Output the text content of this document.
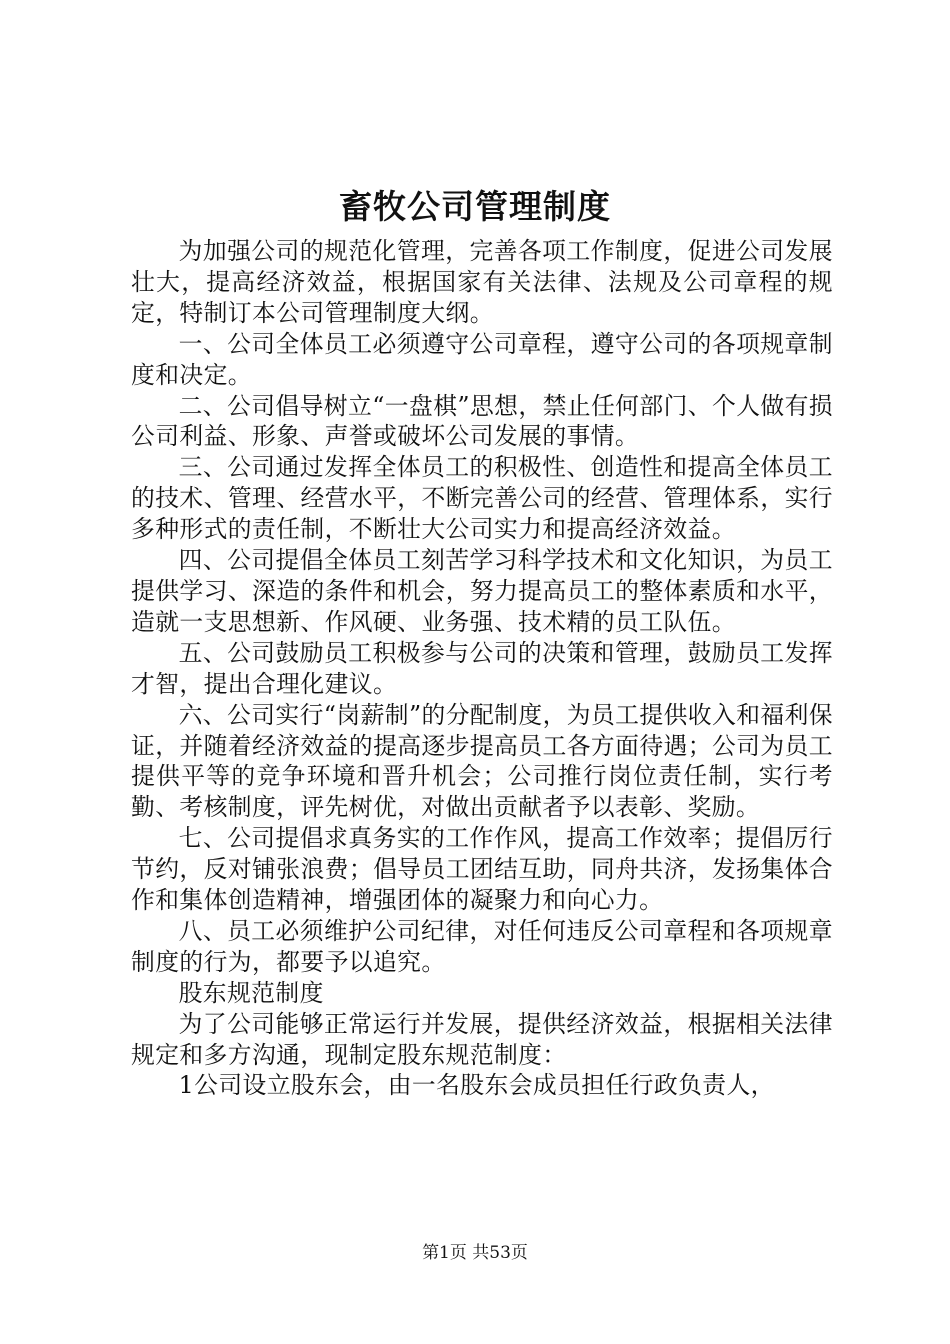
畜牧公司管理制度

为加强公司的规范化管理，完善各项工作制度，促进公司发展壮大，提高经济效益，根据国家有关法律、法规及公司章程的规定，特制订本公司管理制度大纲。

一、公司全体员工必须遵守公司章程，遵守公司的各项规章制度和决定。

二、公司倡导树立“一盘棋”思想，禁止任何部门、个人做有损公司利益、形象、声誉或破坏公司发展的事情。

三、公司通过发挥全体员工的积极性、创造性和提高全体员工的技术、管理、经营水平，不断完善公司的经营、管理体系，实行多种形式的责任制，不断壮大公司实力和提高经济效益。

四、公司提倡全体员工刻苦学习科学技术和文化知识，为员工提供学习、深造的条件和机会，努力提高员工的整体素质和水平，造就一支思想新、作风硬、业务强、技术精的员工队伍。

五、公司鼓励员工积极参与公司的决策和管理，鼓励员工发挥才智，提出合理化建议。

六、公司实行“岗薪制”的分配制度，为员工提供收入和福利保证，并随着经济效益的提高逐步提高员工各方面待遇；公司为员工提供平等的竞争环境和晋升机会；公司推行岗位责任制，实行考勤、考核制度，评先树优，对做出贡献者予以表彰、奖励。

七、公司提倡求真务实的工作作风，提高工作效率；提倡厉行节约，反对铺张浪费；倡导员工团结互助，同舟共济，发扬集体合作和集体创造精神，增强团体的凝聚力和向心力。

八、员工必须维护公司纪律，对任何违反公司章程和各项规章制度的行为，都要予以追究。

股东规范制度

为了公司能够正常运行并发展，提供经济效益，根据相关法律规定和多方沟通，现制定股东规范制度：

1公司设立股东会，由一名股东会成员担任行政负责人，

第1页 共53页
